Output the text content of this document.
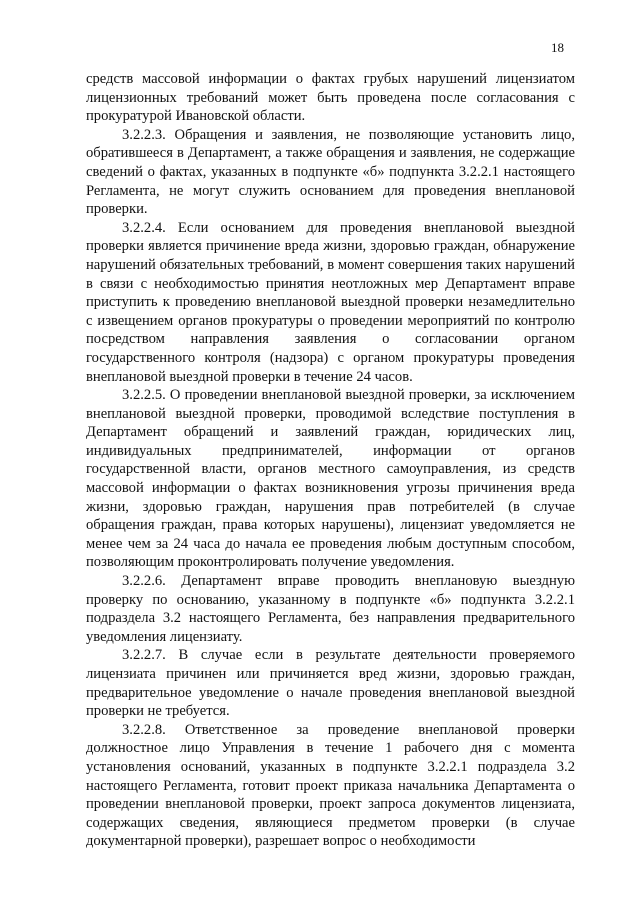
18

средств массовой информации о фактах грубых нарушений лицензиатом лицензионных требований может быть проведена после согласования с прокуратурой Ивановской области.

3.2.2.3. Обращения и заявления, не позволяющие установить лицо, обратившееся в Департамент, а также обращения и заявления, не содержащие сведений о фактах, указанных в подпункте «б» подпункта 3.2.2.1 настоящего Регламента, не могут служить основанием для проведения внеплановой проверки.

3.2.2.4. Если основанием для проведения внеплановой выездной проверки является причинение вреда жизни, здоровью граждан, обнаружение нарушений обязательных требований, в момент совершения таких нарушений в связи с необходимостью принятия неотложных мер Департамент вправе приступить к проведению внеплановой выездной проверки незамедлительно с извещением органов прокуратуры о проведении мероприятий по контролю посредством направления заявления о согласовании органом государственного контроля (надзора) с органом прокуратуры проведения внеплановой выездной проверки в течение 24 часов.

3.2.2.5. О проведении внеплановой выездной проверки, за исключением внеплановой выездной проверки, проводимой вследствие поступления в Департамент обращений и заявлений граждан, юридических лиц, индивидуальных предпринимателей, информации от органов государственной власти, органов местного самоуправления, из средств массовой информации о фактах возникновения угрозы причинения вреда жизни, здоровью граждан, нарушения прав потребителей (в случае обращения граждан, права которых нарушены), лицензиат уведомляется не менее чем за 24 часа до начала ее проведения любым доступным способом, позволяющим проконтролировать получение уведомления.

3.2.2.6. Департамент вправе проводить внеплановую выездную проверку по основанию, указанному в подпункте «б» подпункта 3.2.2.1 подраздела 3.2 настоящего Регламента, без направления предварительного уведомления лицензиату.

3.2.2.7. В случае если в результате деятельности проверяемого лицензиата причинен или причиняется вред жизни, здоровью граждан, предварительное уведомление о начале проведения внеплановой выездной проверки не требуется.

3.2.2.8. Ответственное за проведение внеплановой проверки должностное лицо Управления в течение 1 рабочего дня с момента установления оснований, указанных в подпункте 3.2.2.1 подраздела 3.2 настоящего Регламента, готовит проект приказа начальника Департамента о проведении внеплановой проверки, проект запроса документов лицензиата, содержащих сведения, являющиеся предметом проверки (в случае документарной проверки), разрешает вопрос о необходимости
